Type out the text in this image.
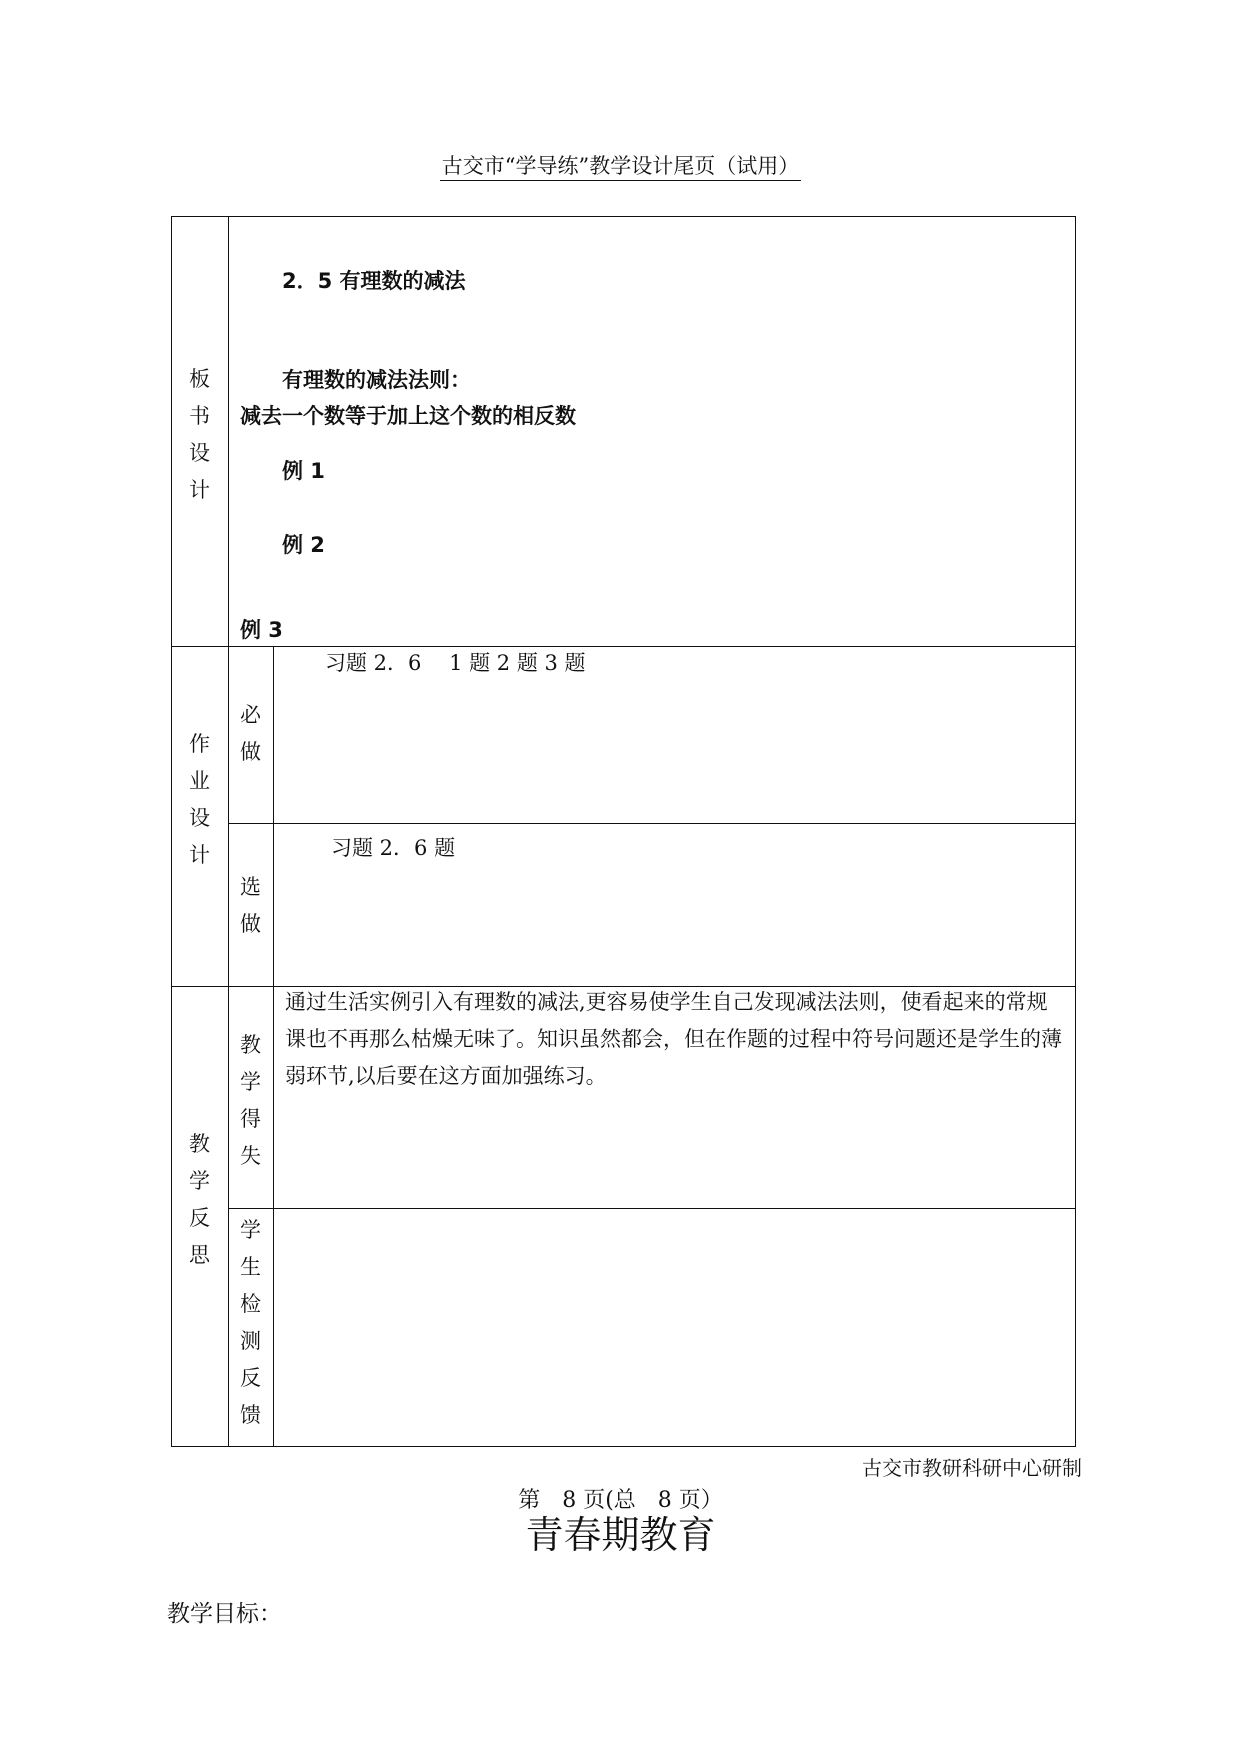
古交市“学导练”教学设计尾页（试用）
板
书
设
计
2．5 有理数的减法
有理数的减法法则：
减去一个数等于加上这个数的相反数
例 1
例 2
例 3
作
业
设
计
必
做
习题 2．6　 1 题 2 题 3 题
选
做
习题 2．6 题
教
学
反
思
教
学
得
失
通过生活实例引入有理数的减法,更容易使学生自己发现减法法则，使看起来的常规课也不再那么枯燥无味了。知识虽然都会，但在作题的过程中符号问题还是学生的薄弱环节,以后要在这方面加强练习。
学
生
检
测
反
馈
古交市教研科研中心研制
第　8 页(总　8 页）
青春期教育
教学目标：
